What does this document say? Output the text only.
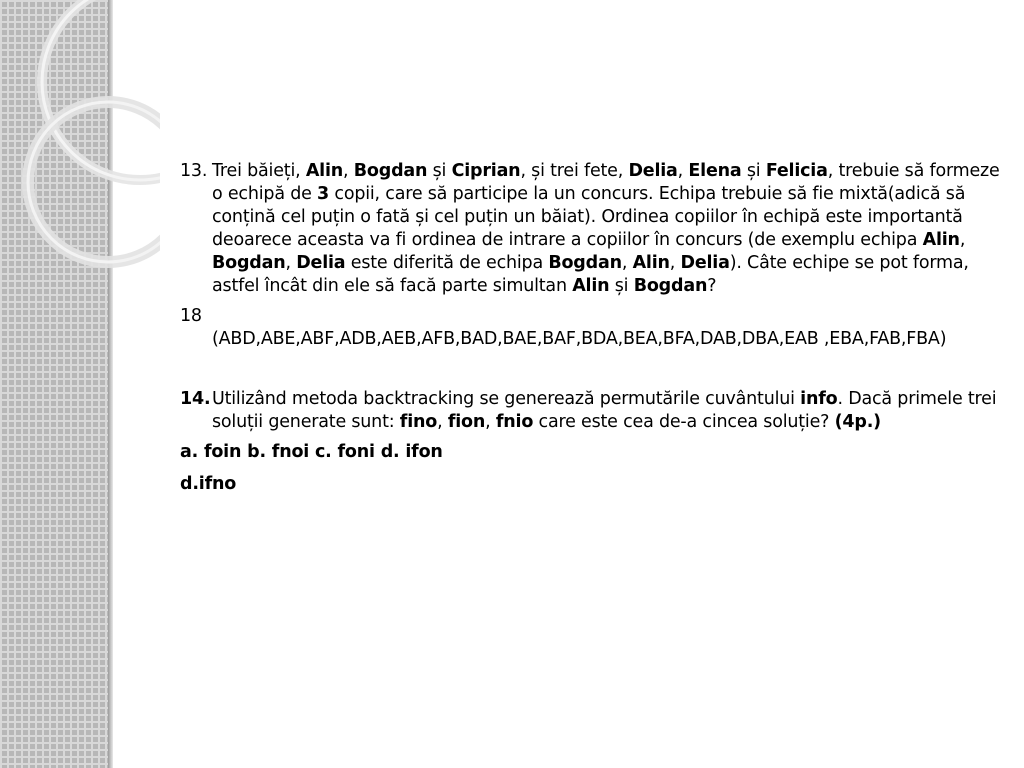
13. Trei băieți, Alin, Bogdan și Ciprian, și trei fete, Delia, Elena și Felicia, trebuie să formeze o echipă de 3 copii, care să participe la un concurs. Echipa trebuie să fie mixtă(adică să conțină cel puțin o fată și cel puțin un băiat). Ordinea copiilor în echipă este importantă deoarece aceasta va fi ordinea de intrare a copiilor în concurs (de exemplu echipa Alin, Bogdan, Delia este diferită de echipa Bogdan, Alin, Delia). Câte echipe se pot forma, astfel încât din ele să facă parte simultan Alin și Bogdan?

18

(ABD,ABE,ABF,ADB,AEB,AFB,BAD,BAE,BAF,BDA,BEA,BFA,DAB,DBA,EAB ,EBA,FAB,FBA)

14. Utilizând metoda backtracking se generează permutările cuvântului info. Dacă primele trei soluții generate sunt: fino, fion, fnio care este cea de-a cincea soluție? (4p.)

a. foin b. fnoi c. foni d. ifon

d.ifno
